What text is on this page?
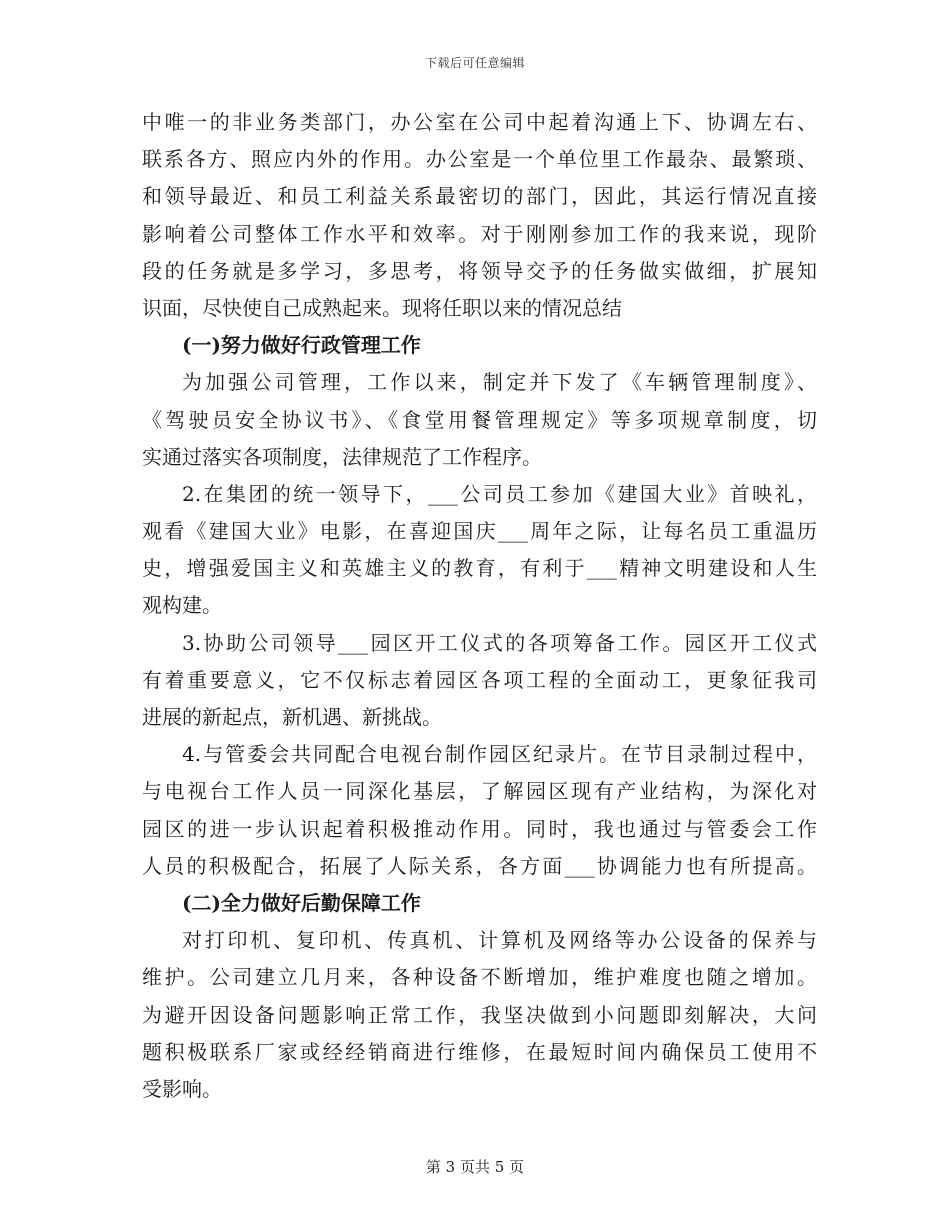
下载后可任意编辑

中唯一的非业务类部门，办公室在公司中起着沟通上下、协调左右、
联系各方、照应内外的作用。办公室是一个单位里工作最杂、最繁琐、
和领导最近、和员工利益关系最密切的部门，因此，其运行情况直接
影响着公司整体工作水平和效率。对于刚刚参加工作的我来说，现阶
段的任务就是多学习，多思考，将领导交予的任务做实做细，扩展知
识面，尽快使自己成熟起来。现将任职以来的情况总结

(一)努力做好行政管理工作

为加强公司管理，工作以来，制定并下发了《车辆管理制度》、
《驾驶员安全协议书》、《食堂用餐管理规定》等多项规章制度，切
实通过落实各项制度，法律规范了工作程序。

2.在集团的统一领导下，___公司员工参加《建国大业》首映礼，
观看《建国大业》电影，在喜迎国庆___周年之际，让每名员工重温历
史，增强爱国主义和英雄主义的教育，有利于___精神文明建设和人生
观构建。

3.协助公司领导___园区开工仪式的各项筹备工作。园区开工仪式
有着重要意义，它不仅标志着园区各项工程的全面动工，更象征我司
进展的新起点，新机遇、新挑战。

4.与管委会共同配合电视台制作园区纪录片。在节目录制过程中，
与电视台工作人员一同深化基层，了解园区现有产业结构，为深化对
园区的进一步认识起着积极推动作用。同时，我也通过与管委会工作
人员的积极配合，拓展了人际关系，各方面___协调能力也有所提高。

(二)全力做好后勤保障工作

对打印机、复印机、传真机、计算机及网络等办公设备的保养与
维护。公司建立几月来，各种设备不断增加，维护难度也随之增加。
为避开因设备问题影响正常工作，我坚决做到小问题即刻解决，大问
题积极联系厂家或经经销商进行维修，在最短时间内确保员工使用不
受影响。

第 3 页共 5 页
